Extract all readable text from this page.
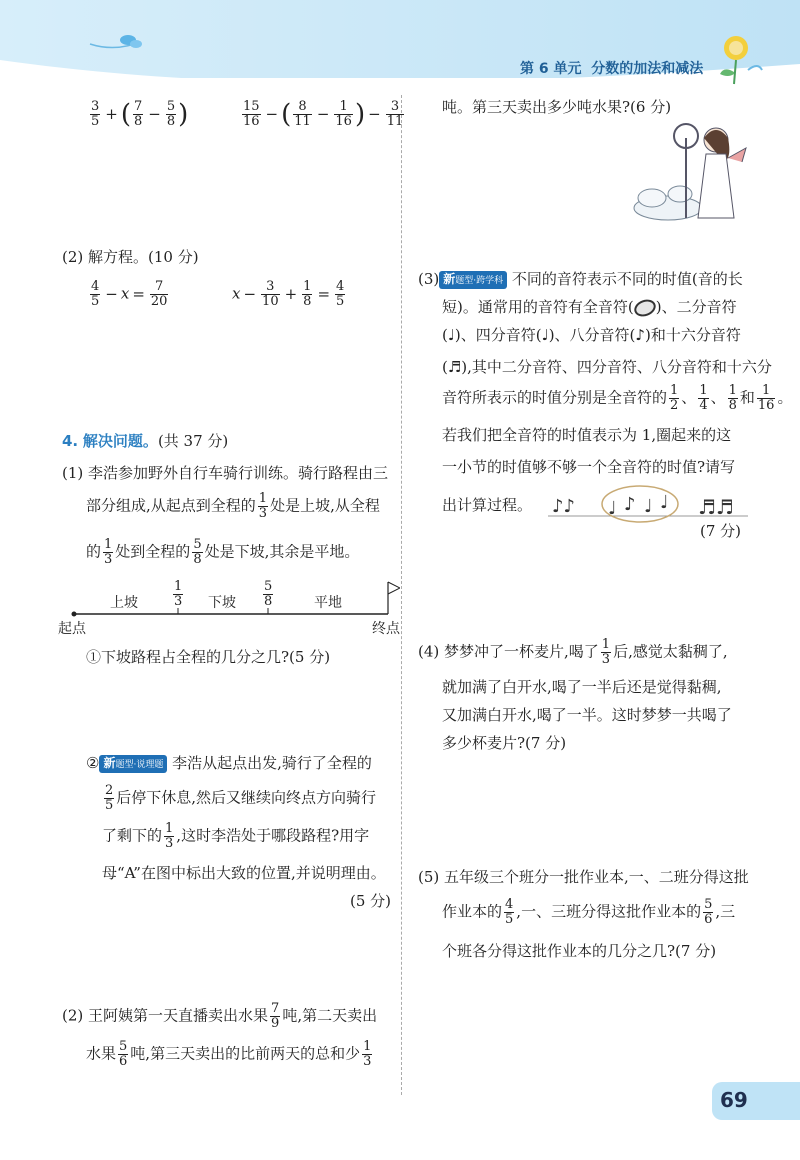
第 6 单元 分数的加法和减法
$\frac{3}{5}$ + ( $\frac{7}{8} - \frac{5}{8}$ )	$\frac{15}{16}$ − ( $\frac{8}{11} - \frac{1}{16}$ ) − $\frac{3}{11}$
(2) 解方程。(10 分)
$\frac{4}{5} - x = \frac{7}{20}$	$x - \frac{3}{10} + \frac{1}{8} = \frac{4}{5}$
4. 解决问题。(共 37 分)
(1) 李浩参加野外自行车骑行训练。骑行路程由三
部分组成,从起点到全程的 $\frac{1}{3}$ 处是上坡,从全程
的 $\frac{1}{3}$ 处到全程的 $\frac{5}{8}$ 处是下坡,其余是平地。
上坡	下坡	平地
$\frac{1}{3}$	$\frac{5}{8}$
起点	终点
①下坡路程占全程的几分之几?(5 分)
② 新题型·说理题 李浩从起点出发,骑行了全程的
$\frac{2}{5}$ 后停下休息,然后又继续向终点方向骑行
了剩下的 $\frac{1}{3}$ ,这时李浩处于哪段路程?用字
母“A”在图中标出大致的位置,并说明理由。
(5 分)
(2) 王阿姨第一天直播卖出水果 $\frac{7}{9}$ 吨,第二天卖出
水果 $\frac{5}{6}$ 吨,第三天卖出的比前两天的总和少 $\frac{1}{3}$
吨。第三天卖出多少吨水果?(6 分)
(3) 新题型·跨学科 不同的音符表示不同的时值(音的长
短)。通常用的音符有全音符( )、二分音符
(♩)、四分音符(♩)、八分音符(♪)和十六分音符
(♬),其中二分音符、四分音符、八分音符和十六分
音符所表示的时值分别是全音符的 $\frac{1}{2}$ 、 $\frac{1}{4}$ 、 $\frac{1}{8}$ 和 $\frac{1}{16}$ 。
若我们把全音符的时值表示为 1,圈起来的这
一小节的时值够不够一个全音符的时值?请写
出计算过程。 ♪♪ ♩ ♪ ♩ ♩ ♬♬
(7 分)
(4) 梦梦冲了一杯麦片,喝了 $\frac{1}{3}$ 后,感觉太黏稠了,
就加满了白开水,喝了一半后还是觉得黏稠,
又加满白开水,喝了一半。这时梦梦一共喝了
多少杯麦片?(7 分)
(5) 五年级三个班分一批作业本,一、二班分得这批
作业本的 $\frac{4}{5}$ ,一、三班分得这批作业本的 $\frac{5}{6}$ ,三
个班各分得这批作业本的几分之几?(7 分)
69
